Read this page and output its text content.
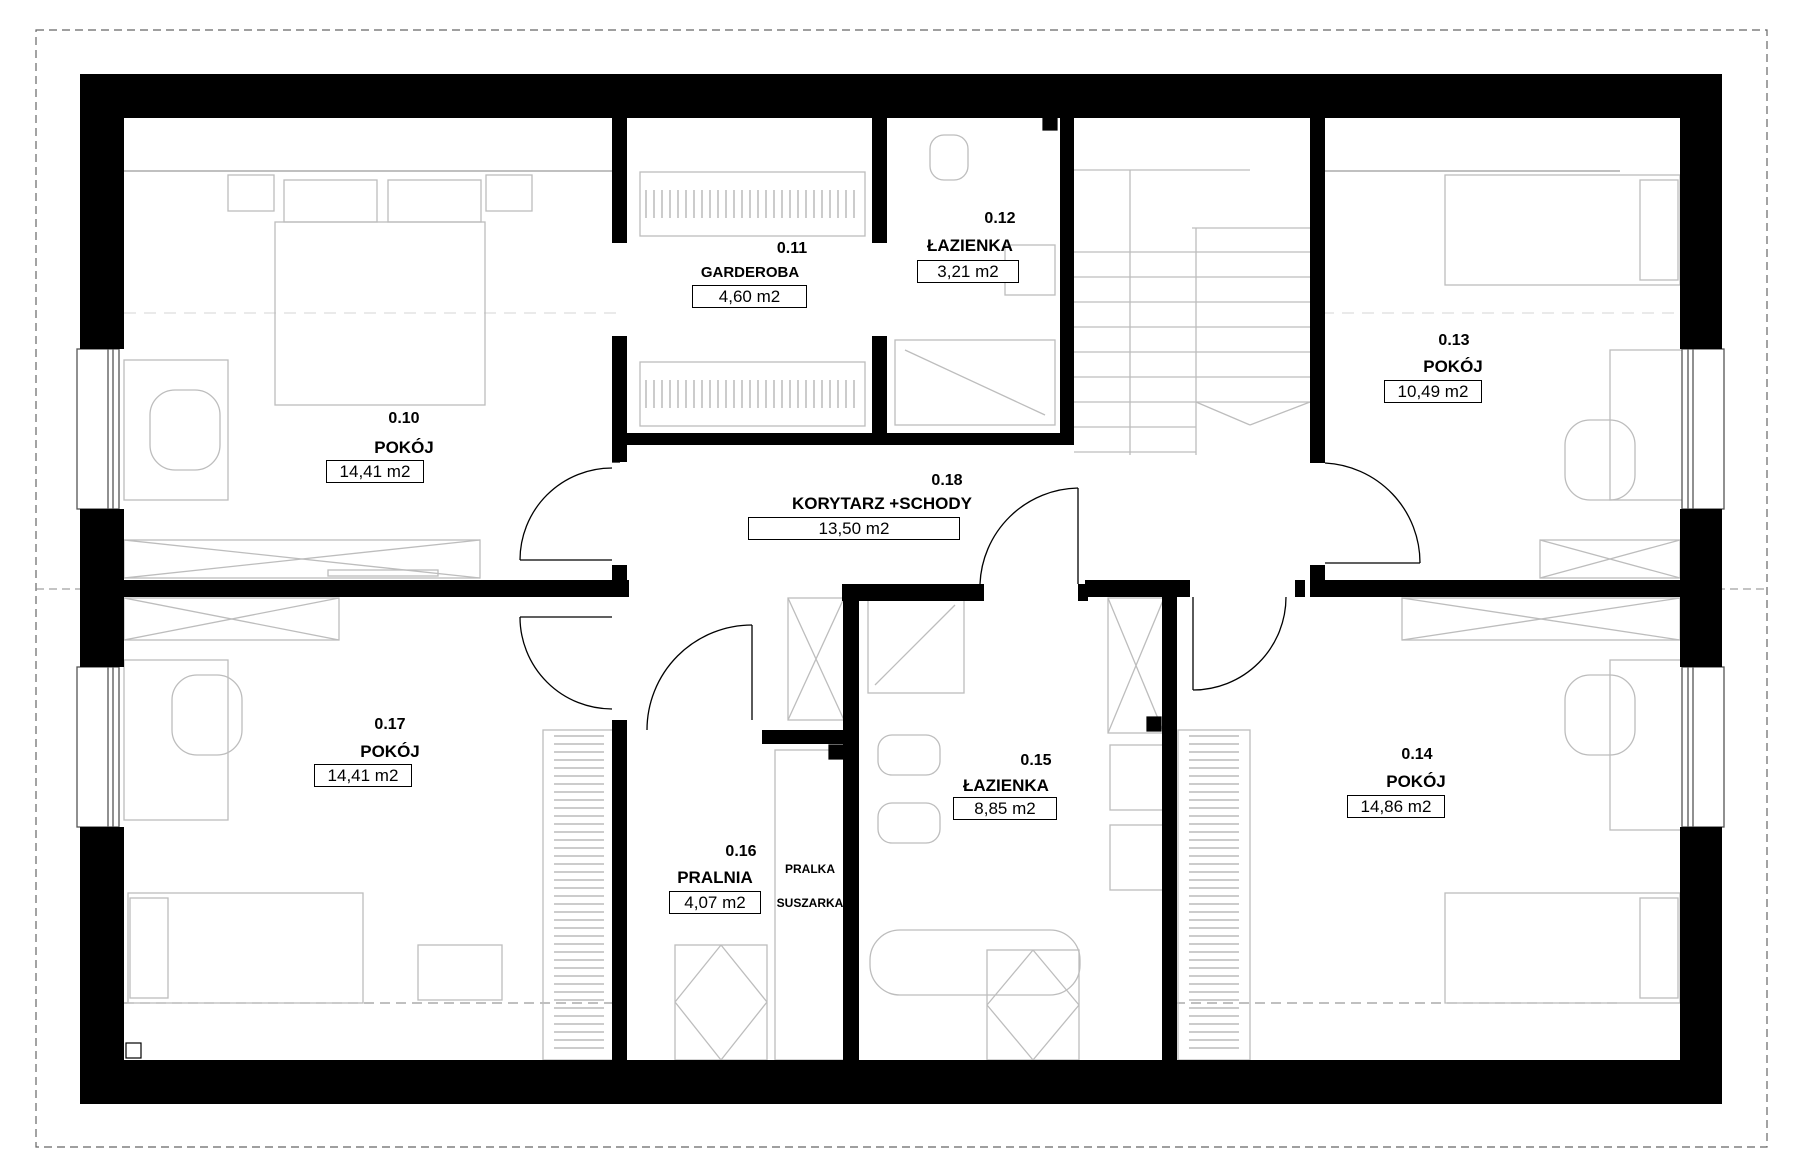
0.10
POKÓJ
14,41 m2
0.11
GARDEROBA
4,60 m2
0.12
ŁAZIENKA
3,21 m2
0.13
POKÓJ
10,49 m2
0.14
POKÓJ
14,86 m2
0.15
ŁAZIENKA
8,85 m2
0.16
PRALNIA
4,07 m2
0.17
POKÓJ
14,41 m2
0.18
KORYTARZ +SCHODY
13,50 m2
PRALKA
SUSZARKA
